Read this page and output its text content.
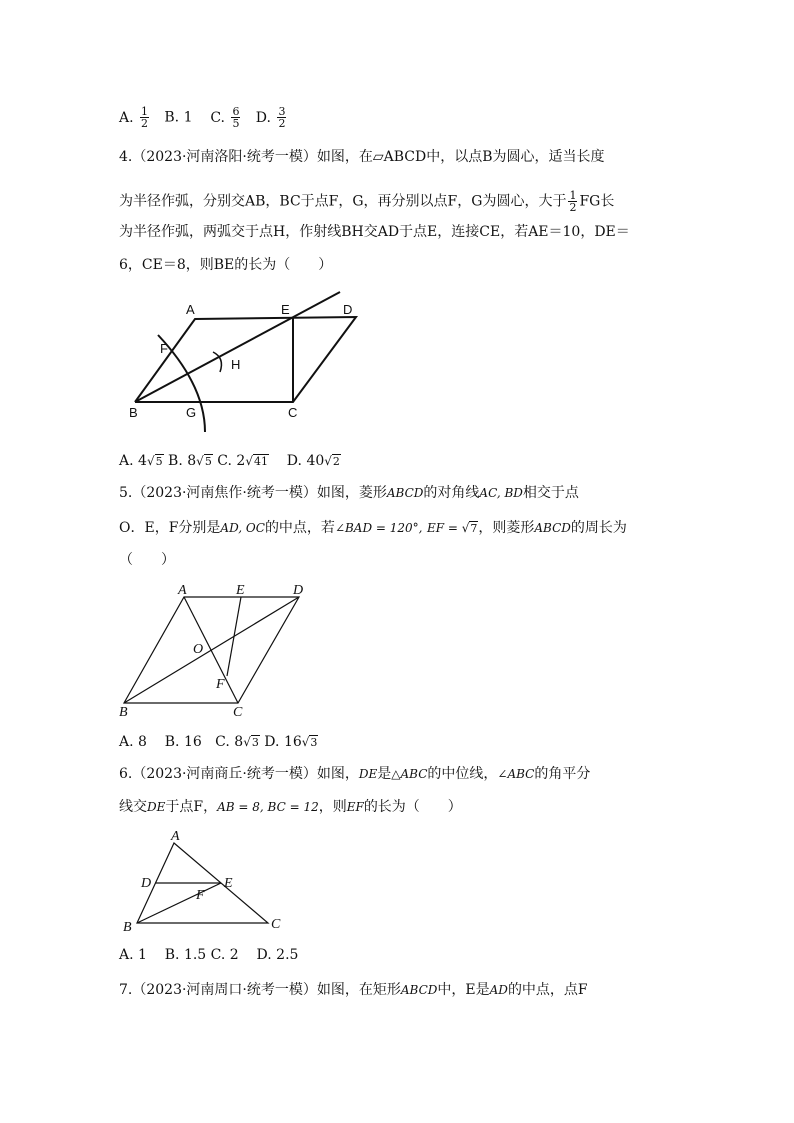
A. $\frac{1}{2} B$. 1 C. $\frac{6}{5} D$. $\frac{3}{2}$
4.（2023·河南洛阳·统考一模）如图，在▱ABCD中，以点B为圆心，适当长度
为半径作弧，分别交AB，BC于点F，G，再分别以点F，G为圆心，大于 $\frac{1}{2}$ FG长
为半径作弧，两弧交于点H，作射线BH交AD于点E，连接CE，若AE＝10，DE＝
6，CE＝8，则BE的长为（　　）
A	E	D
F
H
B	G	C
A. 4√5 B. 8√5 C. 2√41 D. 40√2
5.（2023·河南焦作·统考一模）如图，菱形ABCD的对角线AC, BD相交于点
O．E，F分别是AD, OC的中点，若∠BAD = 120°, EF = √7，则菱形ABCD的周长为
（　　）
A	E	D
O
F
B	C
A. 8 B. 16 C. 8√3 D. 16√3
6.（2023·河南商丘·统考一模）如图，DE是△ABC的中位线，∠ABC的角平分
线交DE于点F，AB = 8, BC = 12，则EF的长为（　　）
A
D	E
F
B	C
A. 1 B. 1.5 C. 2 D. 2.5
7.（2023·河南周口·统考一模）如图，在矩形ABCD中，E是AD的中点，点F
